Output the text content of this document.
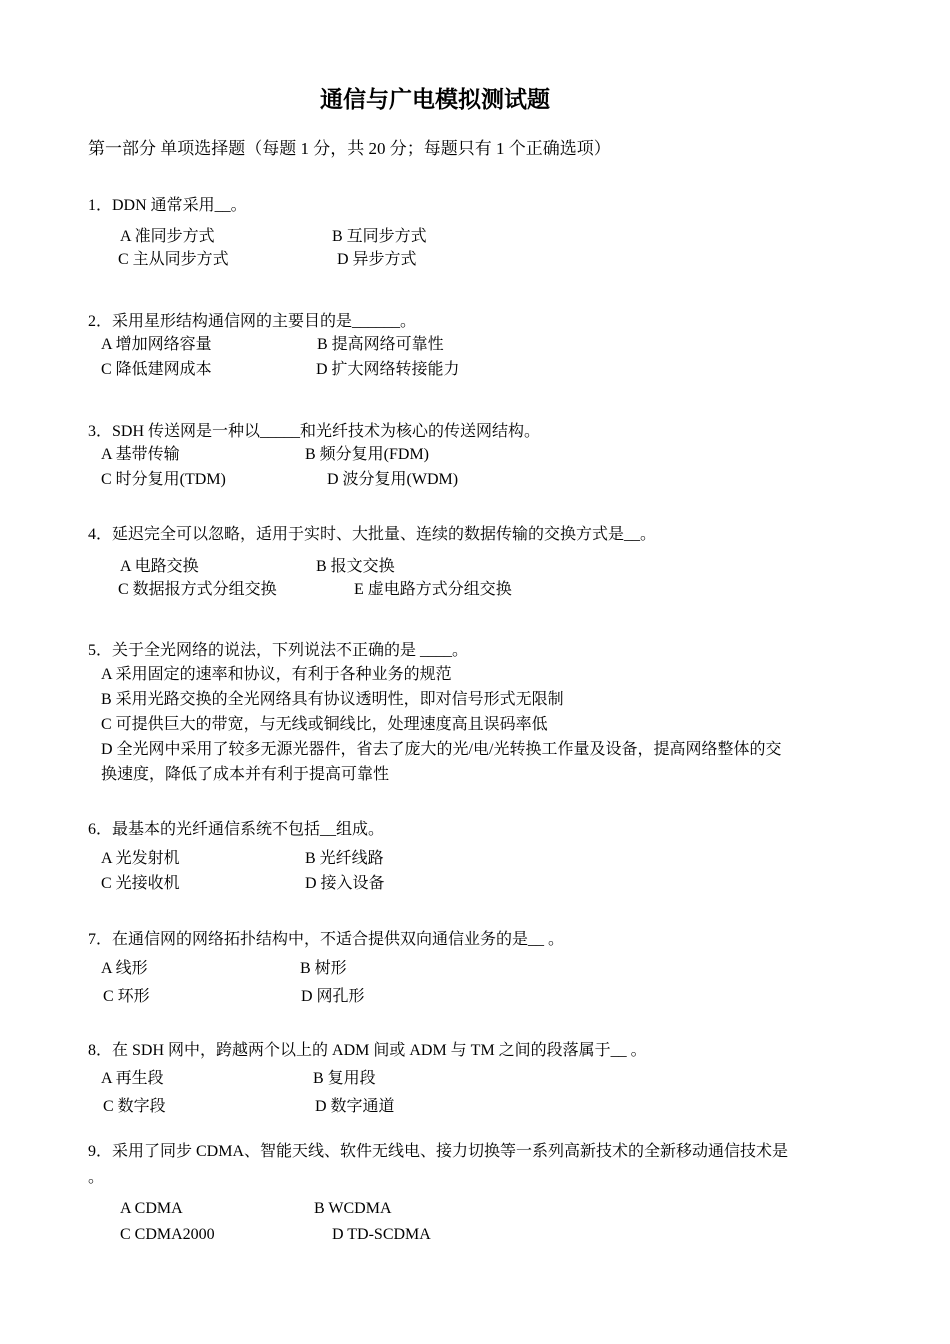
通信与广电模拟测试题
第一部分 单项选择题（每题 1 分，共 20 分；每题只有 1 个正确选项）
1．DDN 通常采用__。
A 准同步方式	B 互同步方式
C 主从同步方式	D 异步方式
2．采用星形结构通信网的主要目的是______。
A 增加网络容量	B 提高网络可靠性
C 降低建网成本	D 扩大网络转接能力
3．SDH 传送网是一种以_____和光纤技术为核心的传送网结构。
A 基带传输	B 频分复用(FDM)
C 时分复用(TDM)	D 波分复用(WDM)
4．延迟完全可以忽略，适用于实时、大批量、连续的数据传输的交换方式是__。
A 电路交换	B 报文交换
C 数据报方式分组交换	E 虚电路方式分组交换
5．关于全光网络的说法，下列说法不正确的是 ____。
A 采用固定的速率和协议，有利于各种业务的规范
B 采用光路交换的全光网络具有协议透明性，即对信号形式无限制
C 可提供巨大的带宽，与无线或铜线比，处理速度高且误码率低
D 全光网中采用了较多无源光器件，省去了庞大的光/电/光转换工作量及设备，提高网络整体的交
换速度，降低了成本并有利于提高可靠性
6．最基本的光纤通信系统不包括__组成。
A 光发射机	B 光纤线路
C 光接收机	D 接入设备
7．在通信网的网络拓扑结构中，不适合提供双向通信业务的是__ 。
A 线形	B 树形
C 环形	D 网孔形
8．在 SDH 网中，跨越两个以上的 ADM 间或 ADM 与 TM 之间的段落属于__ 。
A 再生段	B 复用段
C 数字段	D 数字通道
9．采用了同步 CDMA、智能天线、软件无线电、接力切换等一系列高新技术的全新移动通信技术是
。
A CDMA	B WCDMA
C CDMA2000	D TD-SCDMA
